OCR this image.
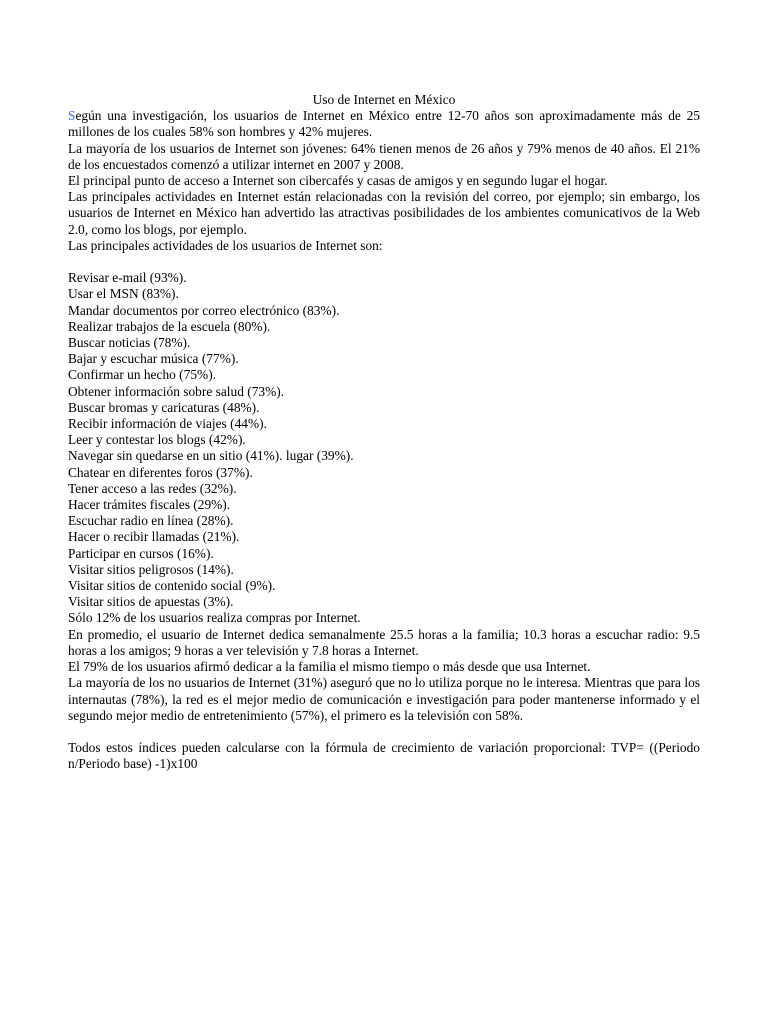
Uso de Internet en México

Según una investigación, los usuarios de Internet en México entre 12-70 años son aproximadamente más de 25 millones de los cuales 58% son hombres y 42% mujeres.

La mayoría de los usuarios de Internet son jóvenes: 64% tienen menos de 26 años y 79% menos de 40 años. El 21% de los encuestados comenzó a utilizar internet en 2007 y 2008.

El principal punto de acceso a Internet son cibercafés y casas de amigos y en segundo lugar el hogar.

Las principales actividades en Internet están relacionadas con la revisión del correo, por ejemplo; sin embargo, los usuarios de Internet en México han advertido las atractivas posibilidades de los ambientes comunicativos de la Web 2.0, como los blogs, por ejemplo.

Las principales actividades de los usuarios de Internet son:

Revisar e-mail (93%).
Usar el MSN (83%).
Mandar documentos por correo electrónico (83%).
Realizar trabajos de la escuela (80%).
Buscar noticias (78%).
Bajar y escuchar música (77%).
Confirmar un hecho (75%).
Obtener información sobre salud (73%).
Buscar bromas y caricaturas (48%).
Recibir información de viajes (44%).
Leer y contestar los blogs (42%).
Navegar sin quedarse en un sitio (41%). lugar (39%).
Chatear en diferentes foros (37%).
Tener acceso a las redes (32%).
Hacer trámites fiscales (29%).
Escuchar radio en línea (28%).
Hacer o recibir llamadas (21%).
Participar en cursos (16%).
Visitar sitios peligrosos (14%).
Visitar sitios de contenido social (9%).
Visitar sitios de apuestas (3%).

Sólo 12% de los usuarios realiza compras por Internet.

En promedio, el usuario de Internet dedica semanalmente 25.5 horas a la familia; 10.3 horas a escuchar radio: 9.5 horas a los amigos; 9 horas a ver televisión y 7.8 horas a Internet.

El 79% de los usuarios afirmó dedicar a la familia el mismo tiempo o más desde que usa Internet.

La mayoría de los no usuarios de Internet (31%) aseguró que no lo utiliza porque no le interesa. Mientras que para los internautas (78%), la red es el mejor medio de comunicación e investigación para poder mantenerse informado y el segundo mejor medio de entretenimiento (57%), el primero es la televisión con 58%.

Todos estos índices pueden calcularse con la fórmula de crecimiento de variación proporcional: TVP= ((Periodo n/Periodo base) -1)x100
